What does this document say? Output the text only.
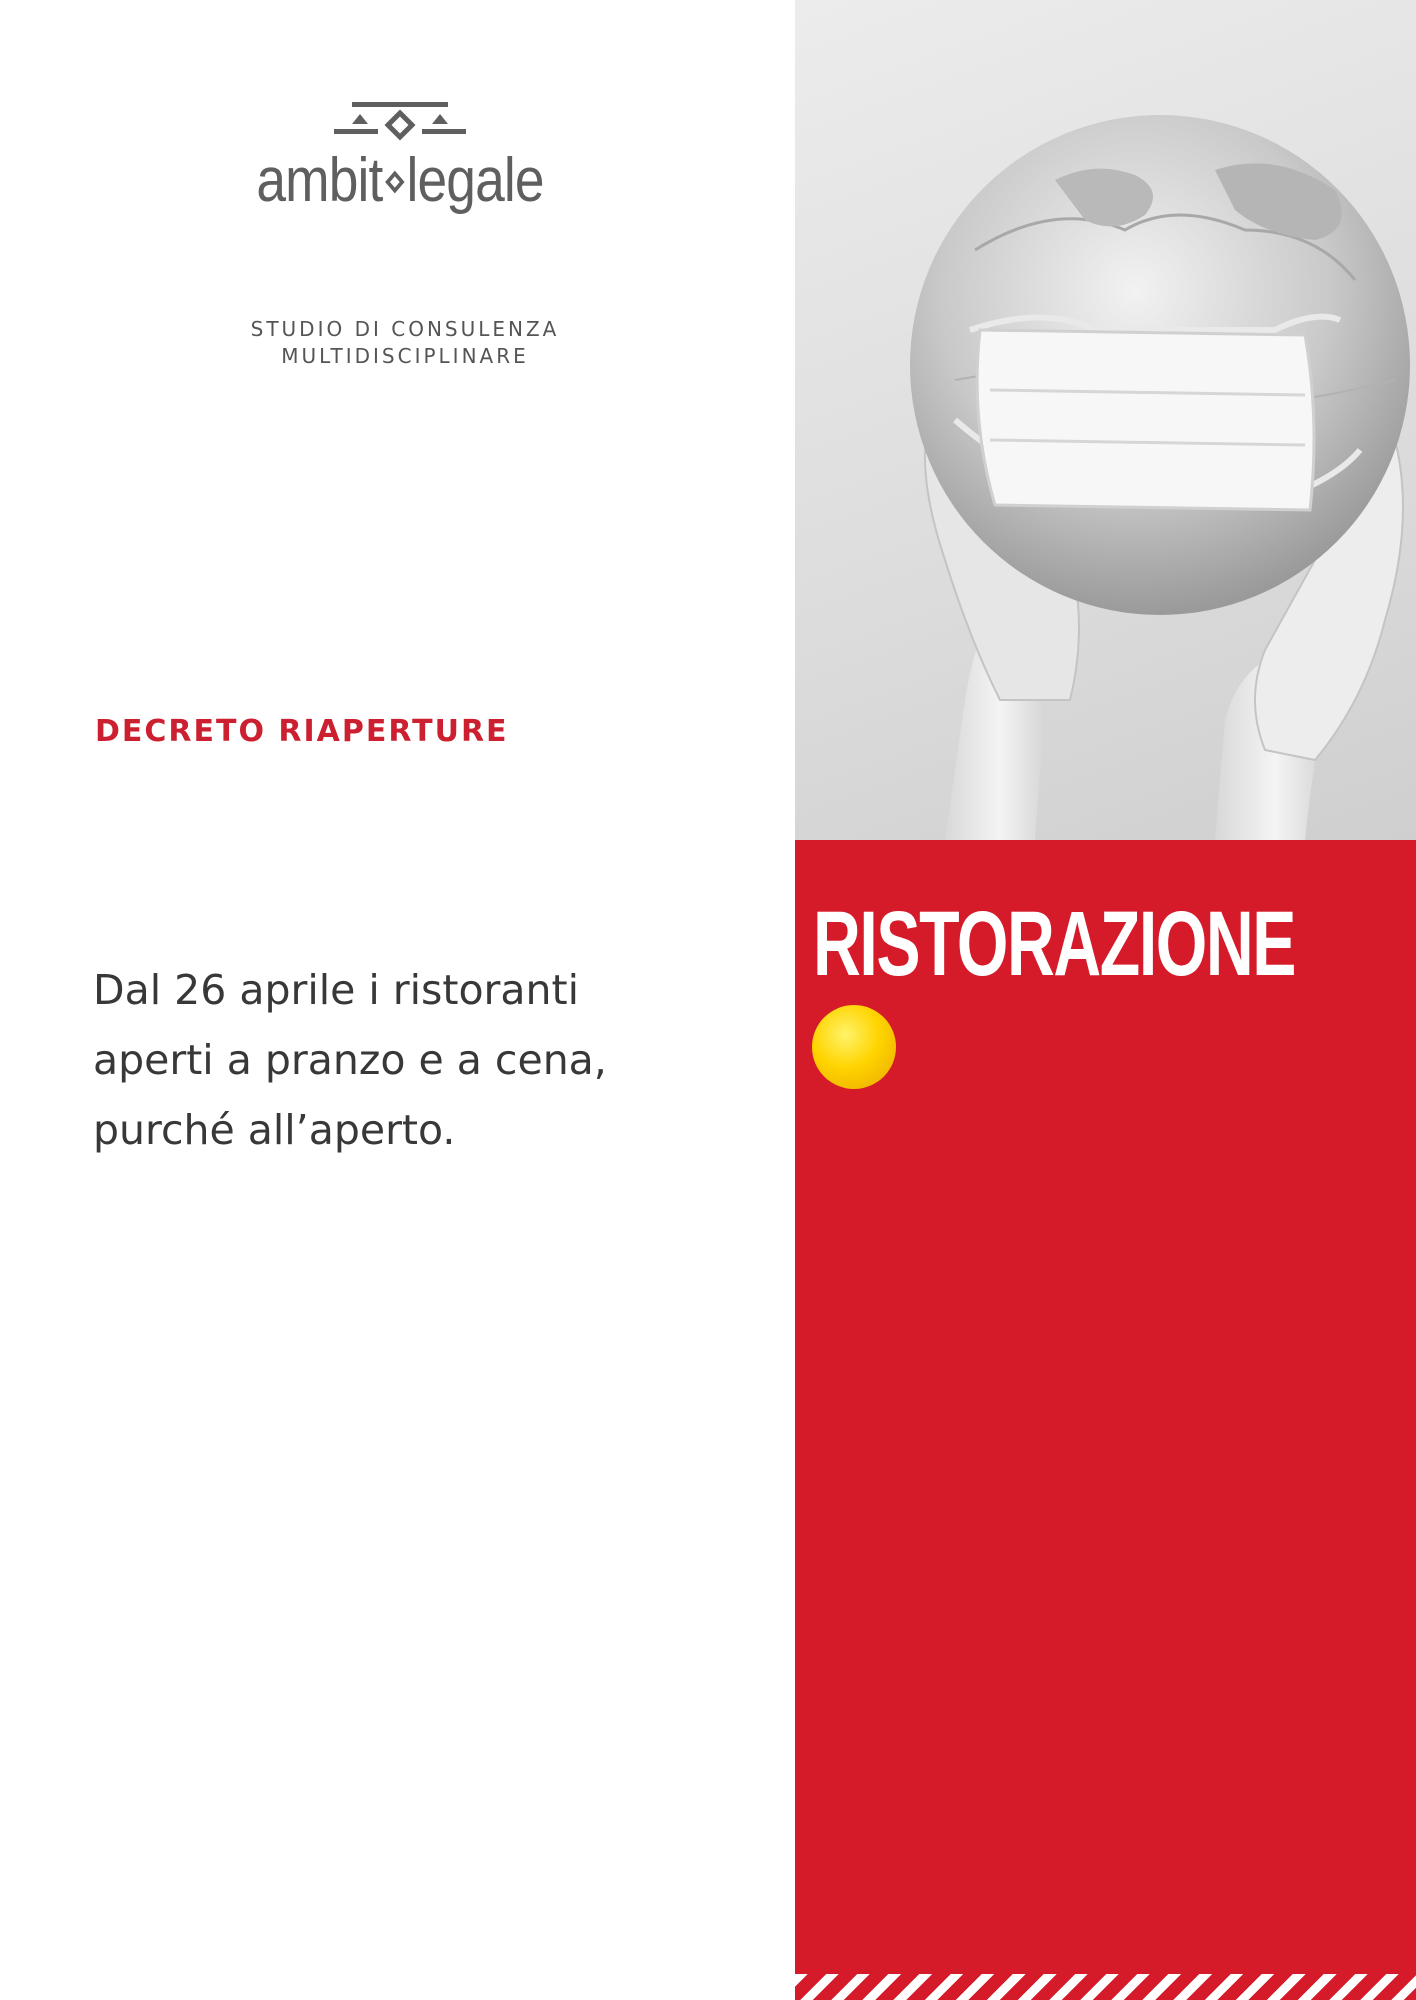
ambit legale
STUDIO DI CONSULENZA
MULTIDISCIPLINARE
DECRETO RIAPERTURE
Dal 26 aprile i ristoranti
aperti a pranzo e a cena,
purché all’aperto.
RISTORAZIONE
